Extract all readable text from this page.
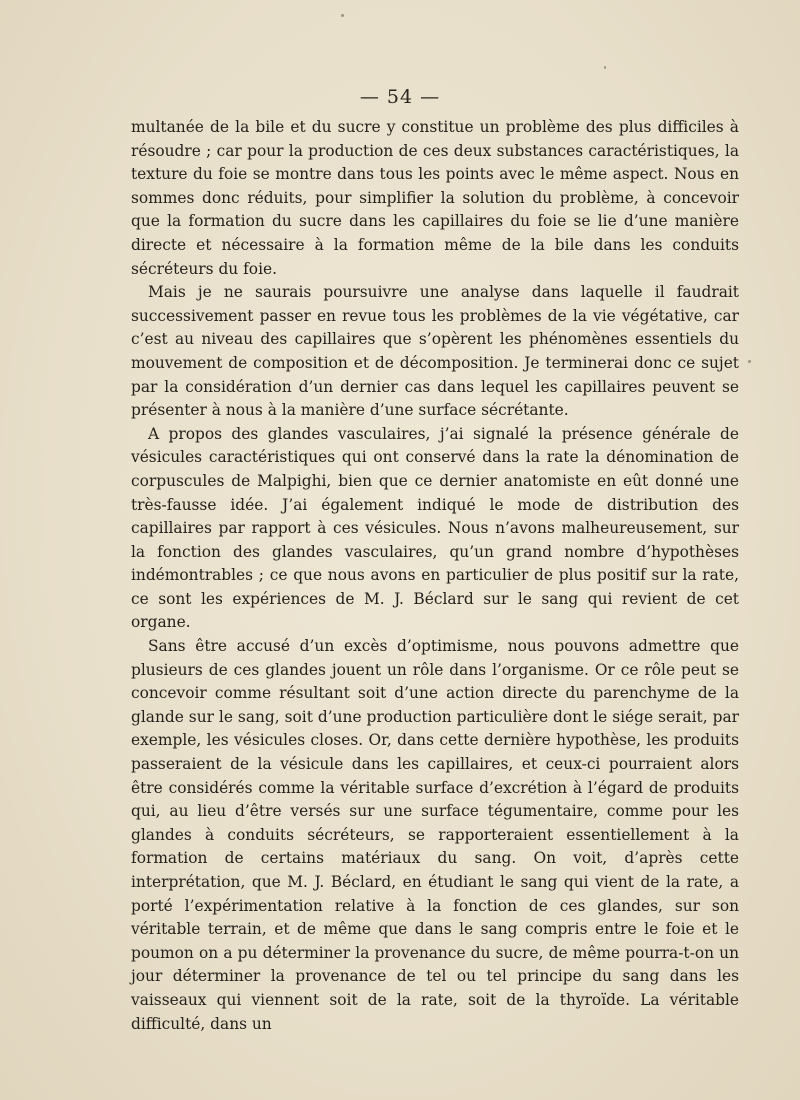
— 54 —

multanée de la bile et du sucre y constitue un problème des plus difficiles à résoudre ; car pour la production de ces deux substances caractéristiques, la texture du foie se montre dans tous les points avec le même aspect. Nous en sommes donc réduits, pour simplifier la solution du problème, à concevoir que la formation du sucre dans les capillaires du foie se lie d’une manière directe et nécessaire à la formation même de la bile dans les conduits sécréteurs du foie.

Mais je ne saurais poursuivre une analyse dans laquelle il faudrait successivement passer en revue tous les problèmes de la vie végétative, car c’est au niveau des capillaires que s’opèrent les phénomènes essentiels du mouvement de composition et de décomposition. Je terminerai donc ce sujet par la considération d’un dernier cas dans lequel les capillaires peuvent se présenter à nous à la manière d’une surface sécrétante.

A propos des glandes vasculaires, j’ai signalé la présence générale de vésicules caractéristiques qui ont conservé dans la rate la dénomination de corpuscules de Malpighi, bien que ce dernier anatomiste en eût donné une très-fausse idée. J’ai également indiqué le mode de distribution des capillaires par rapport à ces vésicules. Nous n’avons malheureusement, sur la fonction des glandes vasculaires, qu’un grand nombre d’hypothèses indémontrables ; ce que nous avons en particulier de plus positif sur la rate, ce sont les expériences de M. J. Béclard sur le sang qui revient de cet organe.

Sans être accusé d’un excès d’optimisme, nous pouvons admettre que plusieurs de ces glandes jouent un rôle dans l’organisme. Or ce rôle peut se concevoir comme résultant soit d’une action directe du parenchyme de la glande sur le sang, soit d’une production particulière dont le siége serait, par exemple, les vésicules closes. Or, dans cette dernière hypothèse, les produits passeraient de la vésicule dans les capillaires, et ceux-ci pourraient alors être considérés comme la véritable surface d’excrétion à l’égard de produits qui, au lieu d’être versés sur une surface tégumentaire, comme pour les glandes à conduits sécréteurs, se rapporteraient essentiellement à la formation de certains matériaux du sang. On voit, d’après cette interprétation, que M. J. Béclard, en étudiant le sang qui vient de la rate, a porté l’expérimentation relative à la fonction de ces glandes, sur son véritable terrain, et de même que dans le sang compris entre le foie et le poumon on a pu déterminer la provenance du sucre, de même pourra-t-on un jour déterminer la provenance de tel ou tel principe du sang dans les vaisseaux qui viennent soit de la rate, soit de la thyroïde. La véritable difficulté, dans un
